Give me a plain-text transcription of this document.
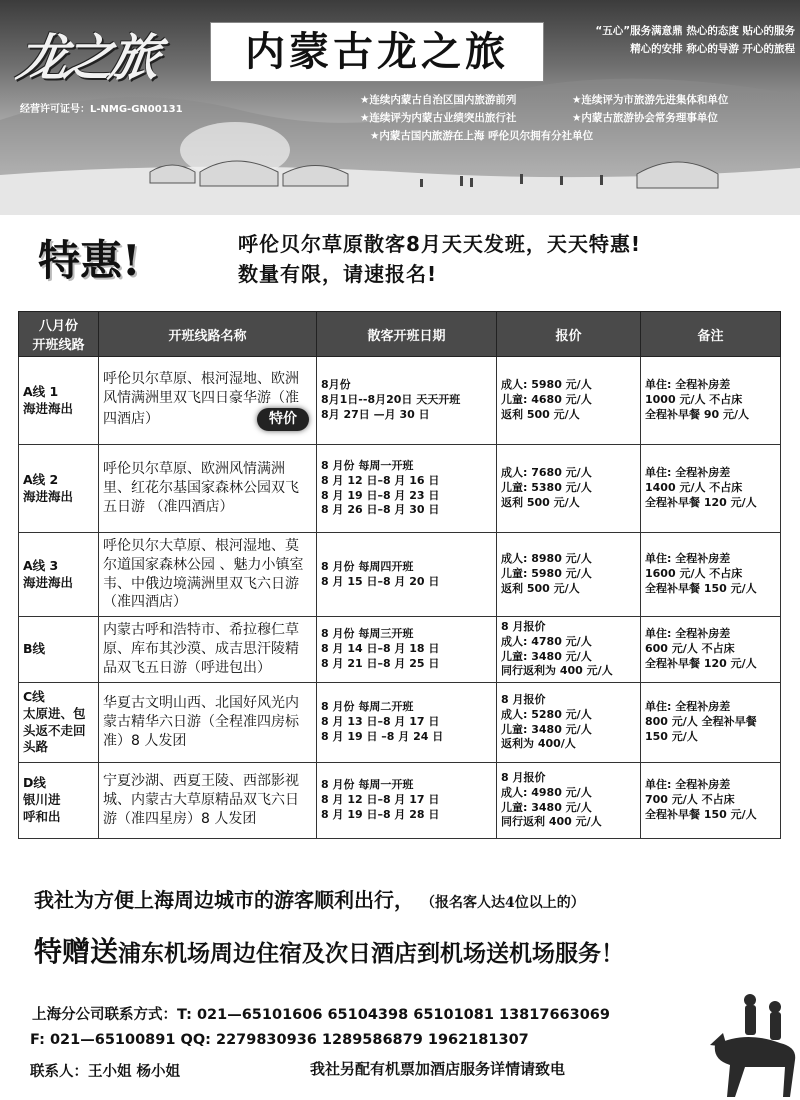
龙之旅	内蒙古龙之旅
经营许可证号：L-NMG-GN00131
“五心”服务满意鼎 热心的态度 贴心的服务
精心的安排 称心的导游 开心的旅程
★连续内蒙古自治区国内旅游前列	★连续评为市旅游先进集体和单位
★连续评为内蒙古业绩突出旅行社	★内蒙古旅游协会常务理事单位
★内蒙古国内旅游在上海 呼伦贝尔拥有分社单位
特惠!	呼伦贝尔草原散客8月天天发班，天天特惠!
数量有限，请速报名!
八月份
开班线路	开班线路名称	散客开班日期	报价	备注

A线 1
海进海出	呼伦贝尔草原、根河湿地、欧洲风情满洲里双飞四日豪华游（准四酒店） 特价	8月份
8月1日--8月20日 天天开班
8月 27日 —月 30 日	成人: 5980 元/人
儿童: 4680 元/人
返利 500 元/人	单住: 全程补房差
1000 元/人 不占床
全程补早餐 90 元/人

A线 2
海进海出	呼伦贝尔草原、欧洲风情满洲里、红花尔基国家森林公园双飞五日游 （准四酒店）	8 月份 每周一开班
8 月 12 日–8 月 16 日
8 月 19 日–8 月 23 日
8 月 26 日–8 月 30 日	成人: 7680 元/人
儿童: 5380 元/人
返利 500 元/人	单住: 全程补房差
1400 元/人 不占床
全程补早餐 120 元/人

A线 3
海进海出	呼伦贝尔大草原、根河湿地、莫尔道国家森林公园 、魅力小镇室韦、中俄边境满洲里双飞六日游（准四酒店）	8 月份 每周四开班
8 月 15 日–8 月 20 日	成人: 8980 元/人
儿童: 5980 元/人
返利 500 元/人	单住: 全程补房差
1600 元/人 不占床
全程补早餐 150 元/人

B线	内蒙古呼和浩特市、希拉穆仁草原、库布其沙漠、成吉思汗陵精品双飞五日游（呼进包出）	8 月份 每周三开班
8 月 14 日–8 月 18 日
8 月 21 日–8 月 25 日	8 月报价
成人: 4780 元/人
儿童: 3480 元/人
同行返利为 400 元/人	单住: 全程补房差
600 元/人 不占床
全程补早餐 120 元/人

C线
太原进、包
头返不走回
头路	华夏古文明山西、北国好风光内蒙古精华六日游（全程准四房标准）8 人发团	8 月份 每周二开班
8 月 13 日–8 月 17 日
8 月 19 日 –8 月 24 日	8 月报价
成人: 5280 元/人
儿童: 3480 元/人
返利为 400/人	单住: 全程补房差
800 元/人 全程补早餐
150 元/人

D线
银川进
呼和出	宁夏沙湖、西夏王陵、西部影视城、内蒙古大草原精品双飞六日游（准四星房）8 人发团	8 月份 每周一开班
8 月 12 日–8 月 17 日
8 月 19 日–8 月 28 日	8 月报价
成人: 4980 元/人
儿童: 3480 元/人
同行返利 400 元/人	单住: 全程补房差
700 元/人 不占床
全程补早餐 150 元/人
我社为方便上海周边城市的游客顺利出行， （报名客人达4位以上的）
特赠送浦东机场周边住宿及次日酒店到机场送机场服务！
上海分公司联系方式：T: 021—65101606 65104398 65101081 13817663069
F: 021—65100891 QQ: 2279830936 1289586879 1962181307
联系人：王小姐 杨小姐	我社另配有机票加酒店服务详情请致电
